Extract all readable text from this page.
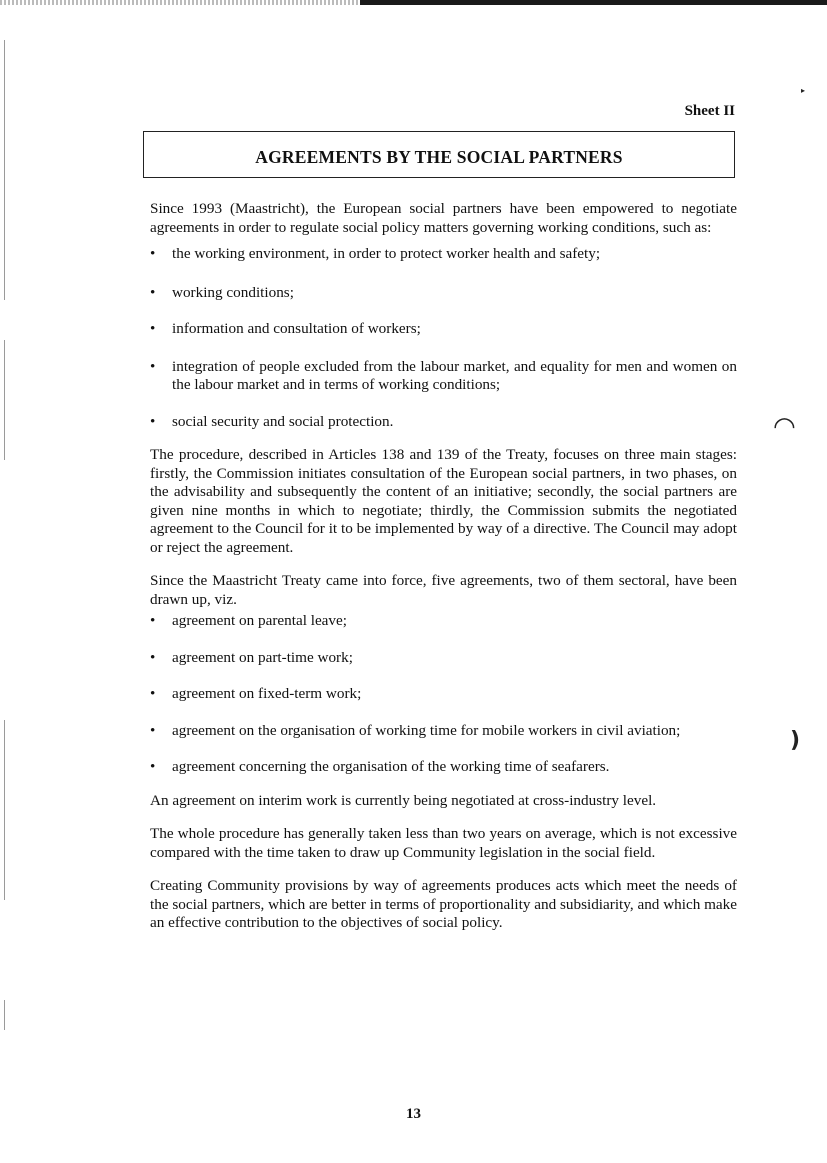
▸
◠
)
Sheet II
AGREEMENTS BY THE SOCIAL PARTNERS

Since 1993 (Maastricht), the European social partners have been empowered to negotiate agreements in order to regulate social policy matters governing working conditions, such as:

• the working environment, in order to protect worker health and safety;
• working conditions;
• information and consultation of workers;
• integration of people excluded from the labour market, and equality for men and women on the labour market and in terms of working conditions;
• social security and social protection.

The procedure, described in Articles 138 and 139 of the Treaty, focuses on three main stages: firstly, the Commission initiates consultation of the European social partners, in two phases, on the advisability and subsequently the content of an initiative; secondly, the social partners are given nine months in which to negotiate; thirdly, the Commission submits the negotiated agreement to the Council for it to be implemented by way of a directive. The Council may adopt or reject the agreement.

Since the Maastricht Treaty came into force, five agreements, two of them sectoral, have been drawn up, viz.

• agreement on parental leave;
• agreement on part-time work;
• agreement on fixed-term work;
• agreement on the organisation of working time for mobile workers in civil aviation;
• agreement concerning the organisation of the working time of seafarers.

An agreement on interim work is currently being negotiated at cross-industry level.

The whole procedure has generally taken less than two years on average, which is not excessive compared with the time taken to draw up Community legislation in the social field.

Creating Community provisions by way of agreements produces acts which meet the needs of the social partners, which are better in terms of proportionality and subsidiarity, and which make an effective contribution to the objectives of social policy.

13
